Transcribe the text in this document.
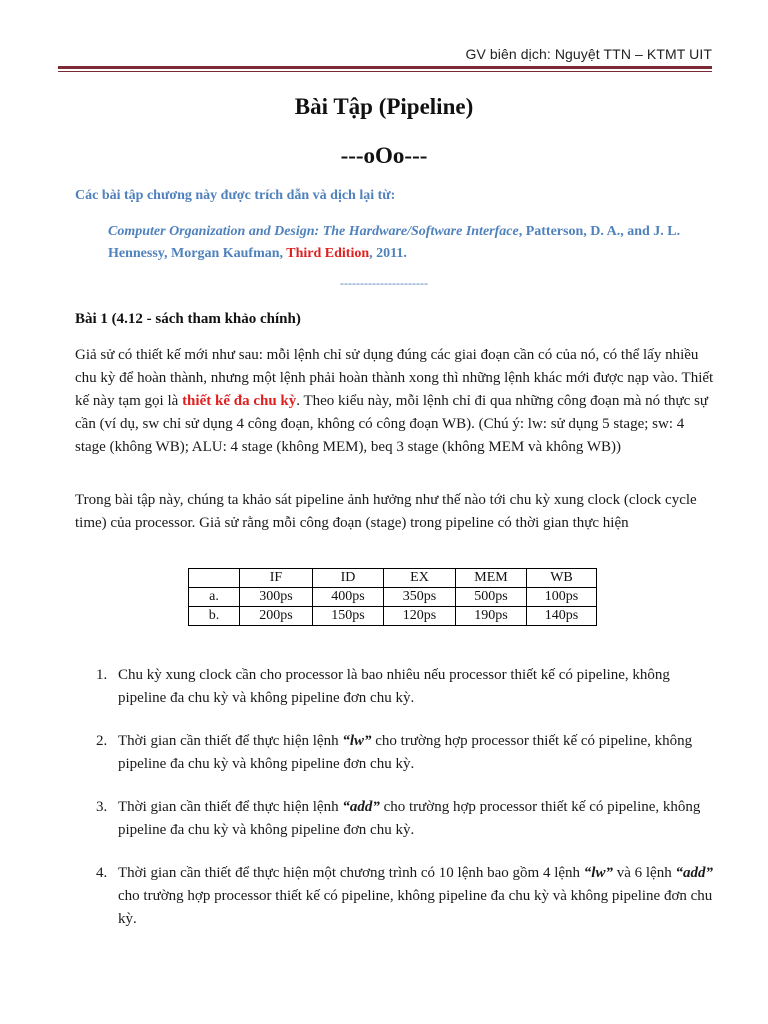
GV biên dịch: Nguyệt TTN – KTMT UIT
Bài Tập (Pipeline)
---oOo---
Các bài tập chương này được trích dẫn và dịch lại từ:
Computer Organization and Design: The Hardware/Software Interface, Patterson, D. A., and J. L. Hennessy, Morgan Kaufman, Third Edition, 2011.
----------------------
Bài 1 (4.12 - sách tham khảo chính)
Giả sử có thiết kế mới như sau: mỗi lệnh chỉ sử dụng đúng các giai đoạn cần có của nó, có thể lấy nhiều chu kỳ để hoàn thành, nhưng một lệnh phải hoàn thành xong thì những lệnh khác mới được nạp vào. Thiết kế này tạm gọi là thiết kế đa chu kỳ. Theo kiểu này, mỗi lệnh chỉ đi qua những công đoạn mà nó thực sự cần (ví dụ, sw chỉ sử dụng 4 công đoạn, không có công đoạn WB). (Chú ý: lw: sử dụng 5 stage; sw: 4 stage (không WB); ALU: 4 stage (không MEM), beq 3 stage (không MEM và không WB))
Trong bài tập này, chúng ta khảo sát pipeline ảnh hưởng như thế nào tới chu kỳ xung clock (clock cycle time) của processor. Giả sử rằng mỗi công đoạn (stage) trong pipeline có thời gian thực hiện
	IF	ID	EX	MEM	WB
a.	300ps	400ps	350ps	500ps	100ps
b.	200ps	150ps	120ps	190ps	140ps
1. Chu kỳ xung clock cần cho processor là bao nhiêu nếu processor thiết kế có pipeline, không pipeline đa chu kỳ và không pipeline đơn chu kỳ.
2. Thời gian cần thiết để thực hiện lệnh “lw” cho trường hợp processor thiết kế có pipeline, không pipeline đa chu kỳ và không pipeline đơn chu kỳ.
3. Thời gian cần thiết để thực hiện lệnh “add” cho trường hợp processor thiết kế có pipeline, không pipeline đa chu kỳ và không pipeline đơn chu kỳ.
4. Thời gian cần thiết để thực hiện một chương trình có 10 lệnh bao gồm 4 lệnh “lw” và 6 lệnh “add” cho trường hợp processor thiết kế có pipeline, không pipeline đa chu kỳ và không pipeline đơn chu kỳ.
